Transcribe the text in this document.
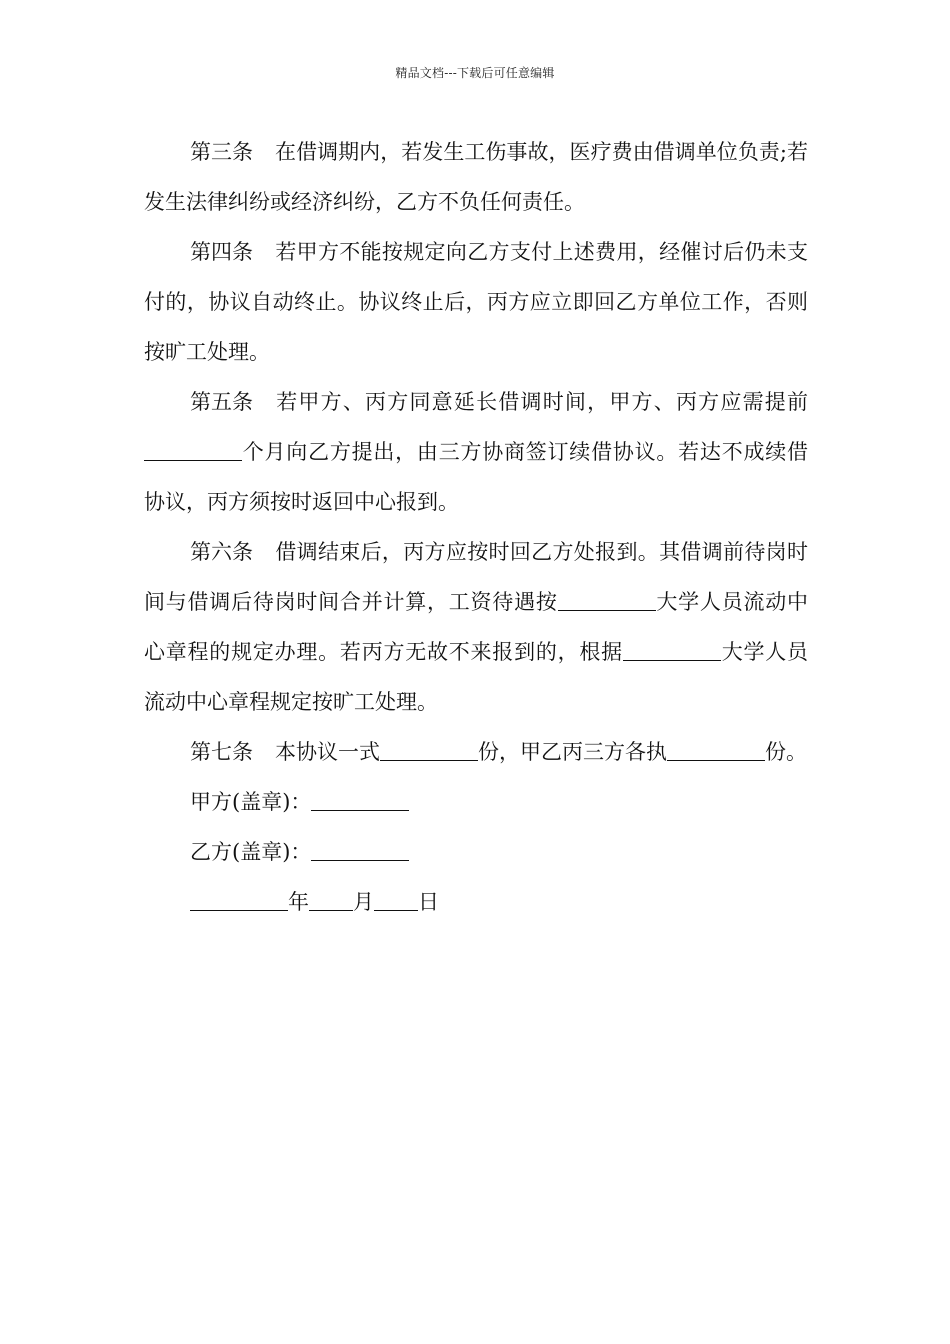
精品文档---下载后可任意编辑

第三条 在借调期内，若发生工伤事故，医疗费由借调单位负责;若发生法律纠纷或经济纠纷，乙方不负任何责任。

第四条 若甲方不能按规定向乙方支付上述费用，经催讨后仍未支付的，协议自动终止。协议终止后，丙方应立即回乙方单位工作，否则按旷工处理。

第五条 若甲方、丙方同意延长借调时间，甲方、丙方应需提前个月向乙方提出，由三方协商签订续借协议。若达不成续借协议，丙方须按时返回中心报到。

第六条 借调结束后，丙方应按时回乙方处报到。其借调前待岗时间与借调后待岗时间合并计算，工资待遇按	大学人员流动中心章程的规定办理。若丙方无故不来报到的，根据	大学人员流动中心章程规定按旷工处理。

第七条 本协议一式	份，甲乙丙三方各执	份。

甲方(盖章)：

乙方(盖章)：

年 月 日
